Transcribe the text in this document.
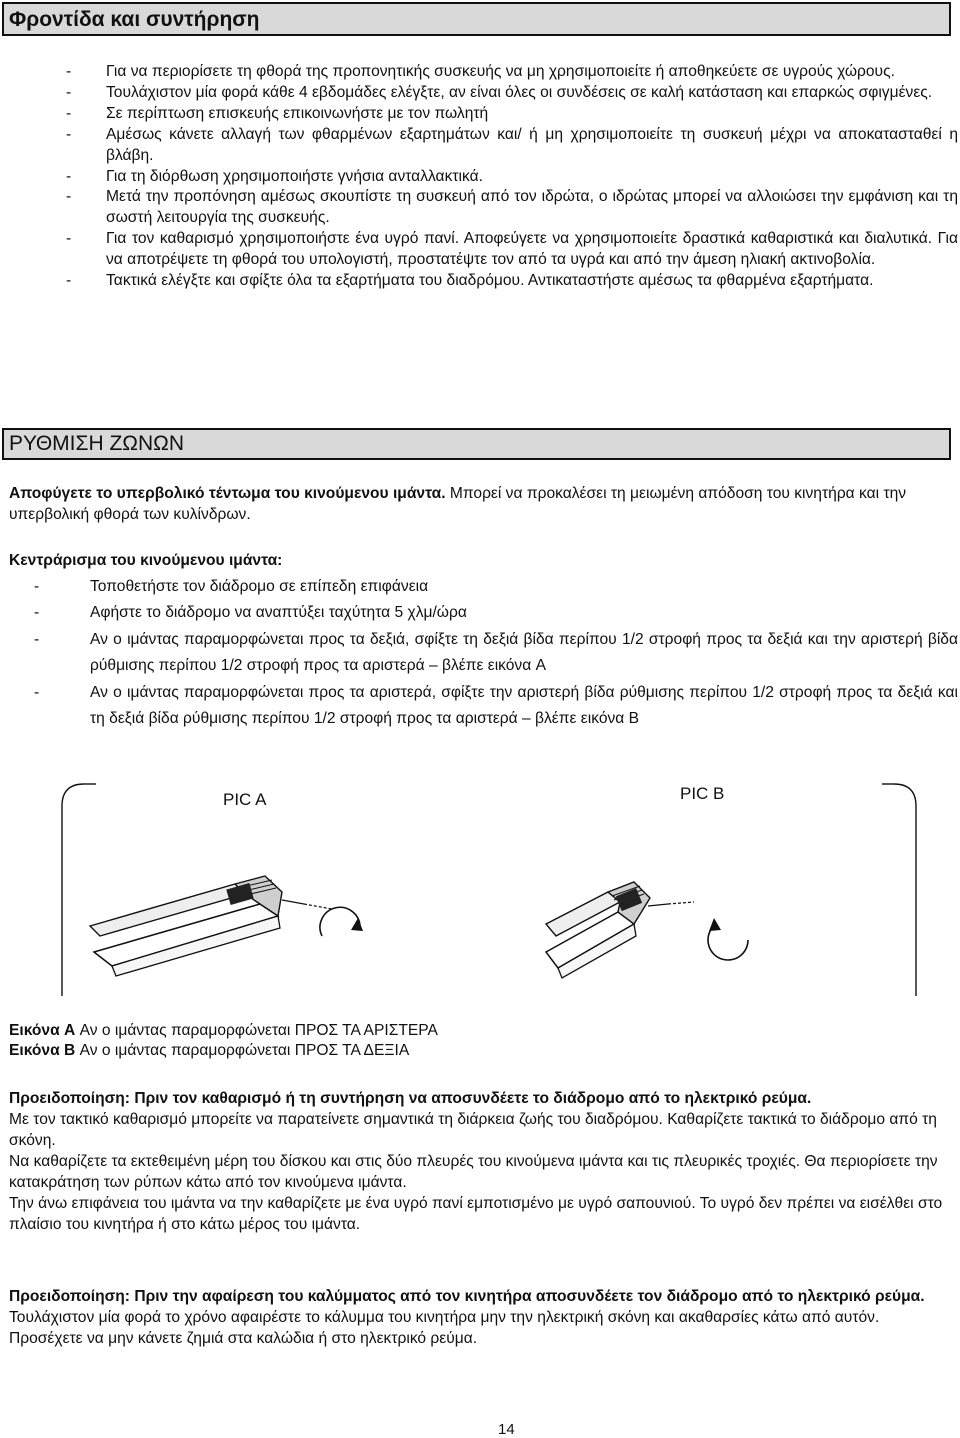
Φροντίδα και συντήρηση
- Για να περιορίσετε τη φθορά της προπονητικής συσκευής να μη χρησιμοποιείτε ή αποθηκεύετε σε υγρούς χώρους.

- Τουλάχιστον μία φορά κάθε 4 εβδομάδες ελέγξτε, αν είναι όλες οι συνδέσεις σε καλή κατάσταση και επαρκώς σφιγμένες.

- Σε περίπτωση επισκευής επικοινωνήστε με τον πωλητή

- Αμέσως κάνετε αλλαγή των φθαρμένων εξαρτημάτων και/ ή μη χρησιμοποιείτε τη συσκευή μέχρι να αποκατασταθεί η βλάβη.

- Για τη διόρθωση χρησιμοποιήστε γνήσια ανταλλακτικά.

- Μετά την προπόνηση αμέσως σκουπίστε τη συσκευή από τον ιδρώτα, ο ιδρώτας μπορεί να αλλοιώσει την εμφάνιση και τη σωστή λειτουργία της συσκευής.

- Για τον καθαρισμό χρησιμοποιήστε ένα υγρό πανί. Αποφεύγετε να χρησιμοποιείτε δραστικά καθαριστικά και διαλυτικά. Για να αποτρέψετε τη φθορά του υπολογιστή, προστατέψτε τον από τα υγρά και από την άμεση ηλιακή ακτινοβολία.

- Τακτικά ελέγξτε και σφίξτε όλα τα εξαρτήματα του διαδρόμου. Αντικαταστήστε αμέσως τα φθαρμένα εξαρτήματα.

ΡΥΘΜΙΣΗ ΖΩΝΩΝ

Αποφύγετε το υπερβολικό τέντωμα του κινούμενου ιμάντα. Μπορεί να προκαλέσει τη μειωμένη απόδοση του κινητήρα και την υπερβολική φθορά των κυλίνδρων.

Κεντράρισμα του κινούμενου ιμάντα:

-	Τοποθετήστε τον διάδρομο σε επίπεδη επιφάνεια

-	Αφήστε το διάδρομο να αναπτύξει ταχύτητα 5 χλμ/ώρα

-	Αν ο ιμάντας παραμορφώνεται προς τα δεξιά, σφίξτε τη δεξιά βίδα περίπου 1/2 στροφή προς τα δεξιά και την αριστερή βίδα ρύθμισης περίπου 1/2 στροφή προς τα αριστερά – βλέπε εικόνα A

-	Αν ο ιμάντας παραμορφώνεται προς τα αριστερά, σφίξτε την αριστερή βίδα ρύθμισης περίπου 1/2 στροφή προς τα δεξιά και τη δεξιά βίδα ρύθμισης περίπου 1/2 στροφή προς τα αριστερά – βλέπε εικόνα B

PIC A	PIC B

Εικόνα A Αν ο ιμάντας παραμορφώνεται ΠΡΟΣ ΤΑ ΑΡΙΣΤΕΡΑ

Εικόνα B Αν ο ιμάντας παραμορφώνεται ΠΡΟΣ ΤΑ ΔΕΞΙΑ

Προειδοποίηση: Πριν τον καθαρισμό ή τη συντήρηση να αποσυνδέετε το διάδρομο από το ηλεκτρικό ρεύμα.

Με τον τακτικό καθαρισμό μπορείτε να παρατείνετε σημαντικά τη διάρκεια ζωής του διαδρόμου. Καθαρίζετε τακτικά το διάδρομο από τη σκόνη.

Να καθαρίζετε τα εκτεθειμένη μέρη του δίσκου και στις δύο πλευρές του κινούμενα ιμάντα και τις πλευρικές τροχιές. Θα περιορίσετε την κατακράτηση των ρύπων κάτω από τον κινούμενα ιμάντα.

Την άνω επιφάνεια του ιμάντα να την καθαρίζετε με ένα υγρό πανί εμποτισμένο με υγρό σαπουνιού. Το υγρό δεν πρέπει να εισέλθει στο πλαίσιο του κινητήρα ή στο κάτω μέρος του ιμάντα.

Προειδοποίηση: Πριν την αφαίρεση του καλύμματος από τον κινητήρα αποσυνδέετε τον διάδρομο από το ηλεκτρικό ρεύμα.

Τουλάχιστον μία φορά το χρόνο αφαιρέστε το κάλυμμα του κινητήρα μην την ηλεκτρική σκόνη και ακαθαρσίες κάτω από αυτόν. Προσέχετε να μην κάνετε ζημιά στα καλώδια ή στο ηλεκτρικό ρεύμα.

14
